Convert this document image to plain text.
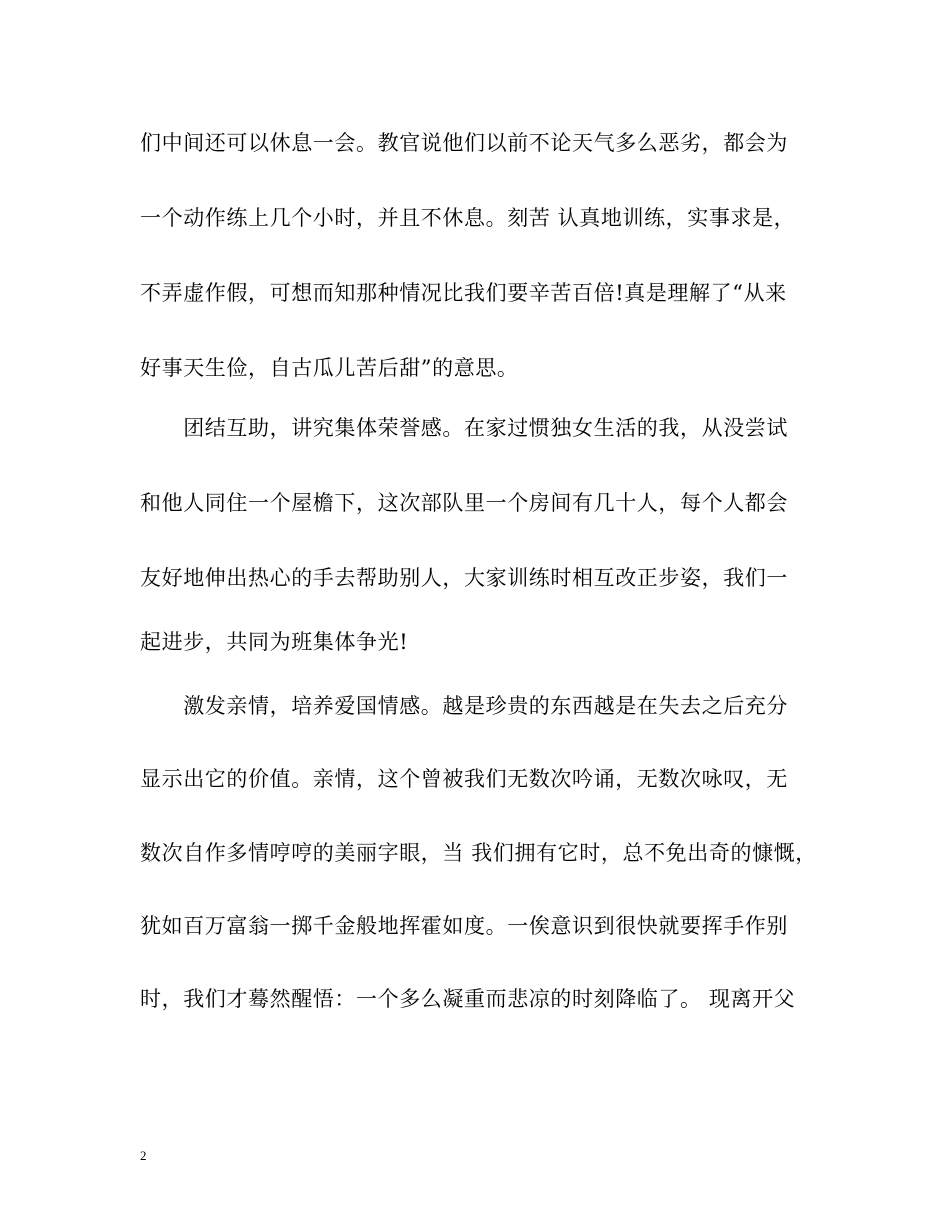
们中间还可以休息一会。教官说他们以前不论天气多么恶劣，都会为
一个动作练上几个小时，并且不休息。刻苦 认真地训练，实事求是，
不弄虚作假，可想而知那种情况比我们要辛苦百倍!真是理解了“从来
好事天生俭，自古瓜儿苦后甜”的意思。
　　团结互助，讲究集体荣誉感。在家过惯独女生活的我，从没尝试
和他人同住一个屋檐下，这次部队里一个房间有几十人，每个人都会
友好地伸出热心的手去帮助别人，大家训练时相互改正步姿，我们一
起进步，共同为班集体争光!
　　激发亲情，培养爱国情感。越是珍贵的东西越是在失去之后充分
显示出它的价值。亲情，这个曾被我们无数次吟诵，无数次咏叹，无
数次自作多情哼哼的美丽字眼，当 我们拥有它时，总不免出奇的慷慨，
犹如百万富翁一掷千金般地挥霍如度。一俟意识到很快就要挥手作别
时，我们才蓦然醒悟：一个多么凝重而悲凉的时刻降临了。 现离开父
2
